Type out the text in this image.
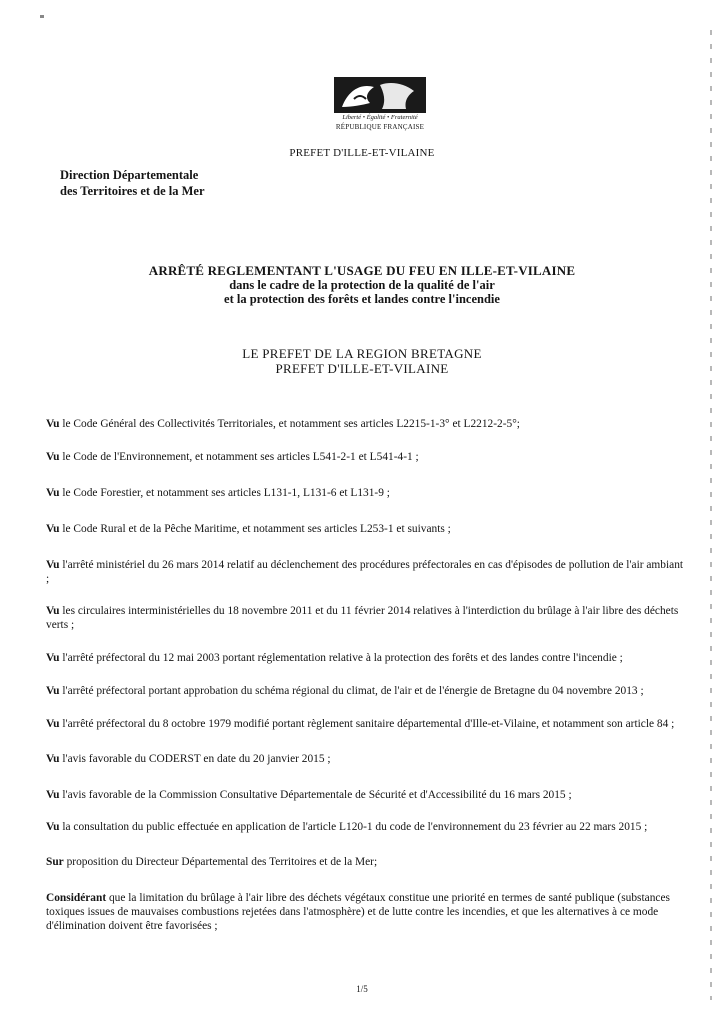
Liberté • Égalité • Fraternité
RÉPUBLIQUE FRANÇAISE
PREFET D'ILLE-ET-VILAINE
Direction Départementale
des Territoires et de la Mer
ARRÊTÉ REGLEMENTANT L'USAGE DU FEU EN ILLE-ET-VILAINE
dans le cadre de la protection de la qualité de l'air
et la protection des forêts et landes contre l'incendie
LE PREFET DE LA REGION BRETAGNE
PREFET D'ILLE-ET-VILAINE
Vu le Code Général des Collectivités Territoriales, et notamment ses articles L2215-1-3° et L2212-2-5°;
Vu le Code de l'Environnement, et notamment ses articles L541-2-1 et L541-4-1 ;
Vu le Code Forestier, et notamment ses articles L131-1, L131-6 et L131-9 ;
Vu le Code Rural et de la Pêche Maritime, et notamment ses articles L253-1 et suivants ;
Vu l'arrêté ministériel du 26 mars 2014 relatif au déclenchement des procédures préfectorales en cas d'épisodes de pollution de l'air ambiant ;
Vu les circulaires interministérielles du 18 novembre 2011 et du 11 février 2014 relatives à l'interdiction du brûlage à l'air libre des déchets verts ;
Vu l'arrêté préfectoral du 12 mai 2003 portant réglementation relative à la protection des forêts et des landes contre l'incendie ;
Vu l'arrêté préfectoral portant approbation du schéma régional du climat, de l'air et de l'énergie de Bretagne du 04 novembre 2013 ;
Vu l'arrêté préfectoral du 8 octobre 1979 modifié portant règlement sanitaire départemental d'Ille-et-Vilaine, et notamment son article 84 ;
Vu l'avis favorable du CODERST en date du 20 janvier 2015 ;
Vu l'avis favorable de la Commission Consultative Départementale de Sécurité et d'Accessibilité du 16 mars 2015 ;
Vu la consultation du public effectuée en application de l'article L120-1 du code de l'environnement du 23 février au 22 mars 2015 ;
Sur proposition du Directeur Départemental des Territoires et de la Mer;
Considérant que la limitation du brûlage à l'air libre des déchets végétaux constitue une priorité en termes de santé publique (substances toxiques issues de mauvaises combustions rejetées dans l'atmosphère) et de lutte contre les incendies, et que les alternatives à ce mode d'élimination doivent être favorisées ;
1/5
